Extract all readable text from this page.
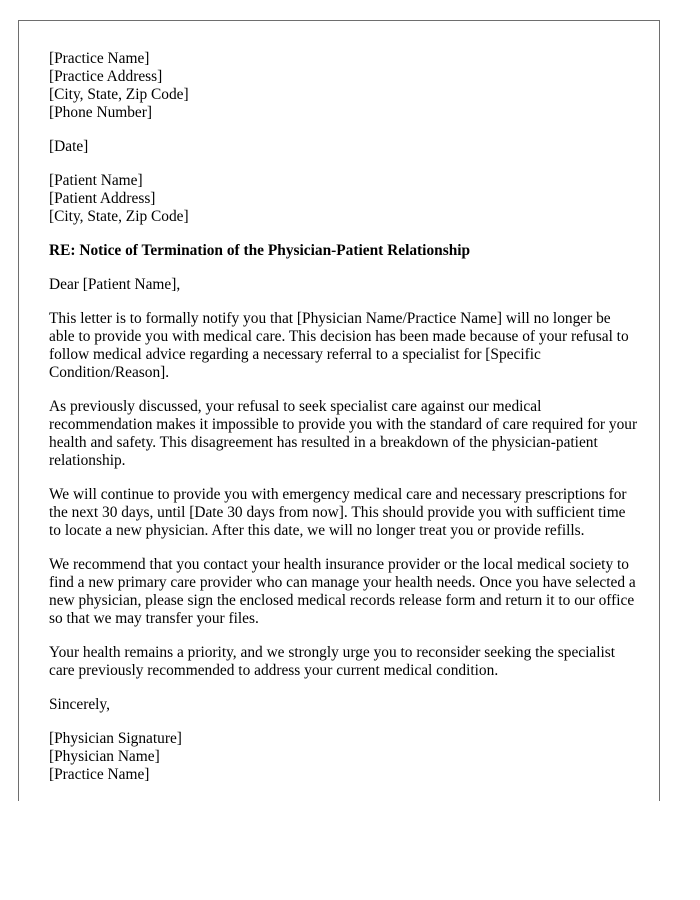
[Practice Name]
[Practice Address]
[City, State, Zip Code]
[Phone Number]
[Date]
[Patient Name]
[Patient Address]
[City, State, Zip Code]
RE: Notice of Termination of the Physician-Patient Relationship
Dear [Patient Name],

This letter is to formally notify you that [Physician Name/Practice Name] will no longer be able to provide you with medical care. This decision has been made because of your refusal to follow medical advice regarding a necessary referral to a specialist for [Specific Condition/Reason].

As previously discussed, your refusal to seek specialist care against our medical recommendation makes it impossible to provide you with the standard of care required for your health and safety. This disagreement has resulted in a breakdown of the physician-patient relationship.

We will continue to provide you with emergency medical care and necessary prescriptions for the next 30 days, until [Date 30 days from now]. This should provide you with sufficient time to locate a new physician. After this date, we will no longer treat you or provide refills.

We recommend that you contact your health insurance provider or the local medical society to find a new primary care provider who can manage your health needs. Once you have selected a new physician, please sign the enclosed medical records release form and return it to our office so that we may transfer your files.

Your health remains a priority, and we strongly urge you to reconsider seeking the specialist care previously recommended to address your current medical condition.

Sincerely,
[Physician Signature]
[Physician Name]
[Practice Name]
